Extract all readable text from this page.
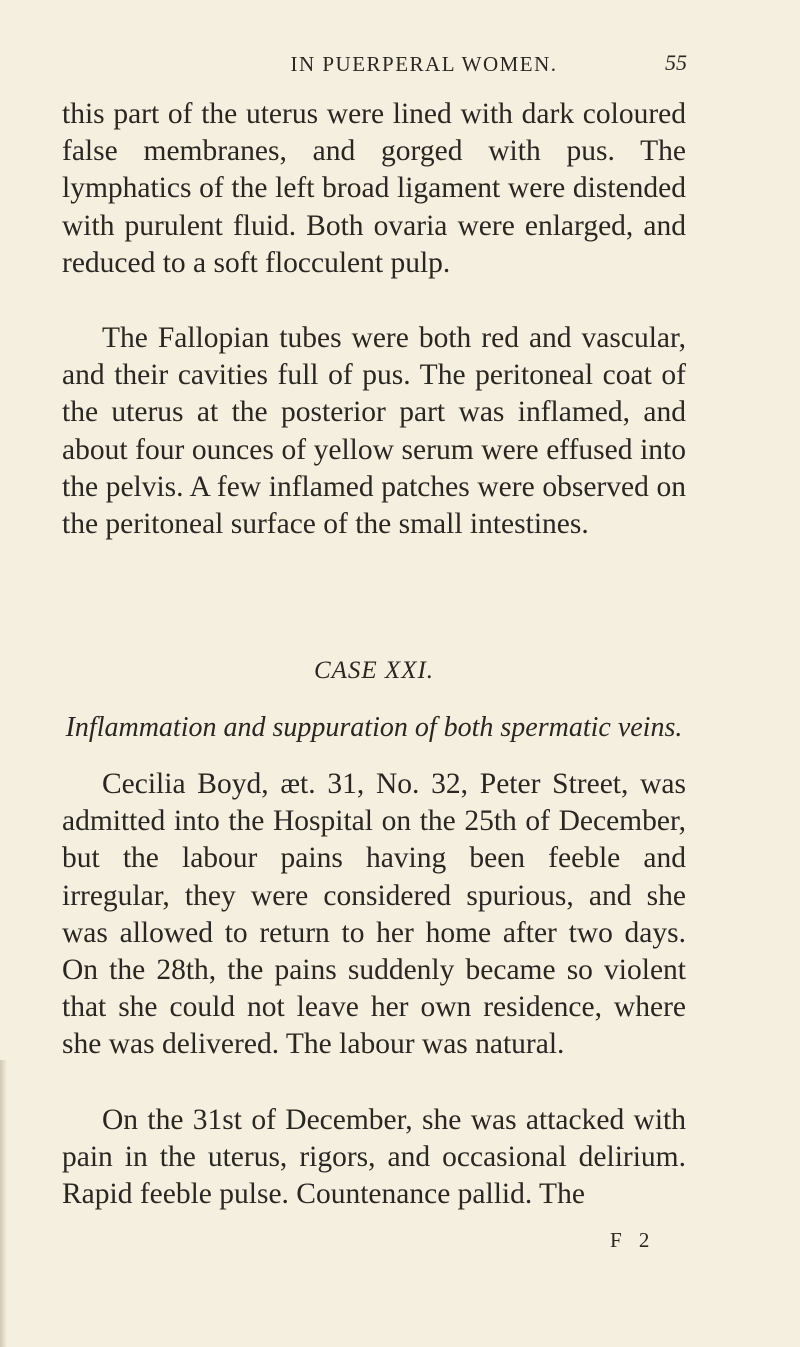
IN PUERPERAL WOMEN.	55

this part of the uterus were lined with dark coloured false membranes, and gorged with pus. The lymphatics of the left broad ligament were distended with purulent fluid. Both ovaria were enlarged, and reduced to a soft flocculent pulp.

The Fallopian tubes were both red and vascular, and their cavities full of pus. The peritoneal coat of the uterus at the posterior part was inflamed, and about four ounces of yellow serum were effused into the pelvis. A few inflamed patches were observed on the peritoneal surface of the small intestines.

CASE XXI.
Inflammation and suppuration of both spermatic veins.

Cecilia Boyd, æt. 31, No. 32, Peter Street, was admitted into the Hospital on the 25th of December, but the labour pains having been feeble and irregular, they were considered spurious, and she was allowed to return to her home after two days. On the 28th, the pains suddenly became so violent that she could not leave her own residence, where she was delivered. The labour was natural.

On the 31st of December, she was attacked with pain in the uterus, rigors, and occasional delirium. Rapid feeble pulse. Countenance pallid. The

F 2
